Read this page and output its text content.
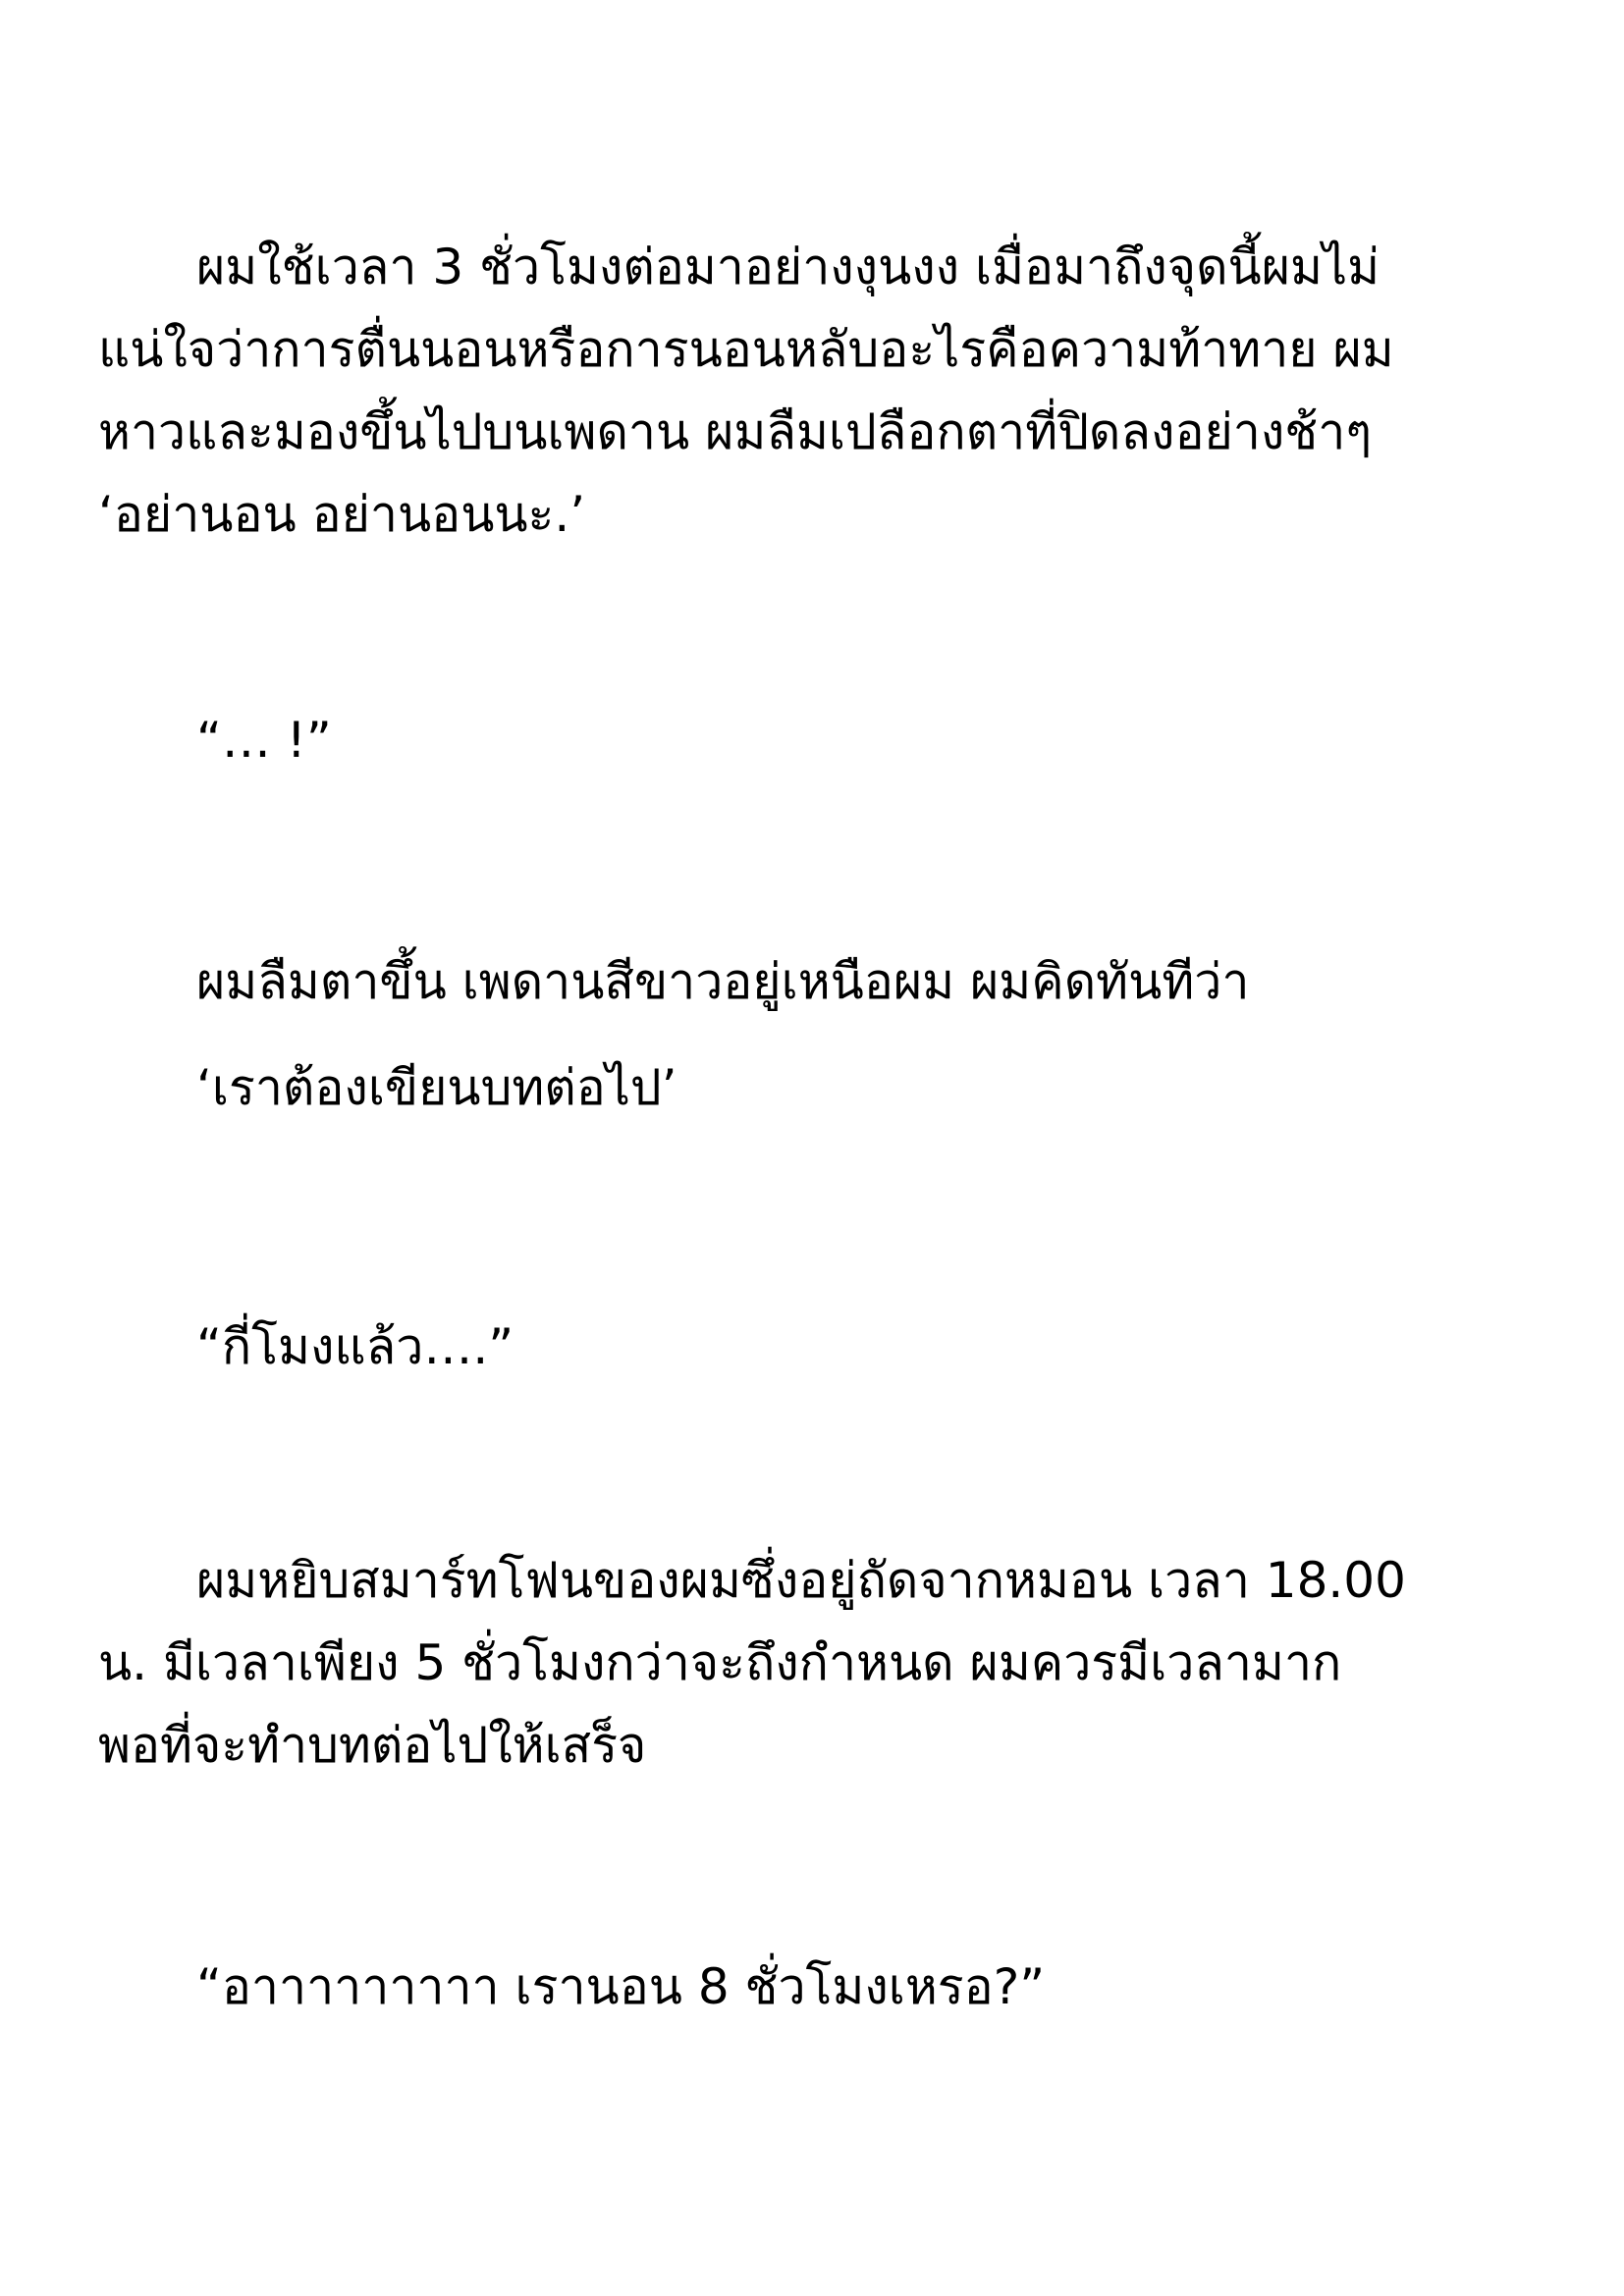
ผมใช้เวลา 3 ชั่วโมงต่อมาอย่างงุนงง เมื่อมาถึงจุดนี้ผมไม่
แน่ใจว่าการตื่นนอนหรือการนอนหลับอะไรคือความท้าทาย ผม
หาวและมองขึ้นไปบนเพดาน ผมลืมเปลือกตาที่ปิดลงอย่างช้าๆ
‘อย่านอน อย่านอนนะ.’

“… !”

ผมลืมตาขึ้น เพดานสีขาวอยู่เหนือผม ผมคิดทันทีว่า

‘เราต้องเขียนบทต่อไป’

“กี่โมงแล้ว….”

ผมหยิบสมาร์ทโฟนของผมซึ่งอยู่ถัดจากหมอน เวลา 18.00
น. มีเวลาเพียง 5 ชั่วโมงกว่าจะถึงกำหนด ผมควรมีเวลามาก
พอที่จะทำบทต่อไปให้เสร็จ

“อาาาาาาาาา เรานอน 8 ชั่วโมงเหรอ?”
